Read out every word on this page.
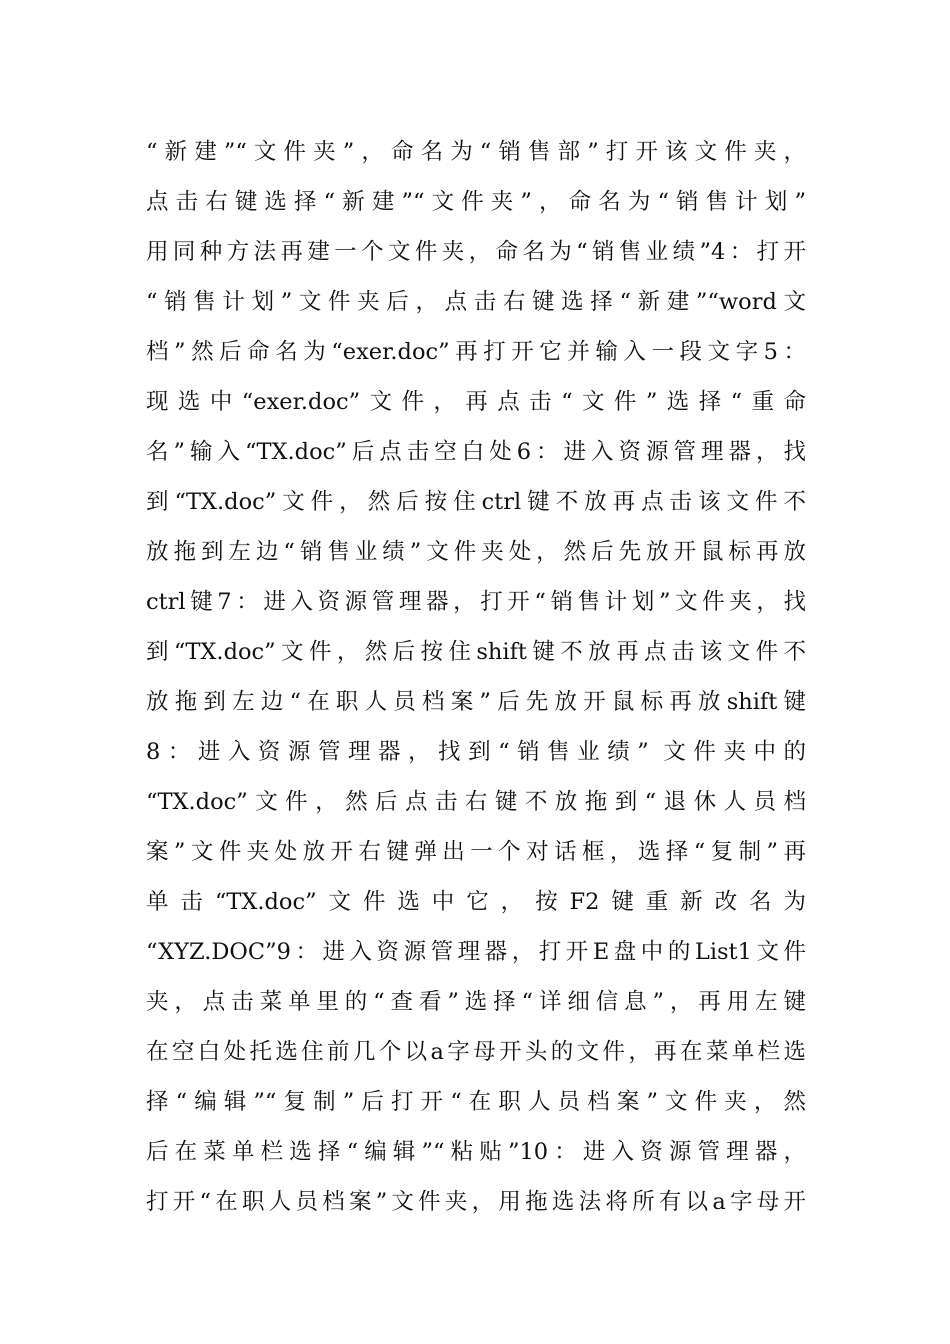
“新建”“文件夹”，命名为“销售部”打开该文件夹，
点击右键选择“新建”“文件夹”，命名为“销售计划”
用同种方法再建一个文件夹，命名为“销售业绩”4：打开
“销售计划”文件夹后，点击右键选择“新建”“word文
档”然后命名为“exer.doc”再打开它并输入一段文字5：
现选中“exer.doc”文件，再点击“文件”选择“重命
名”输入“TX.doc”后点击空白处6：进入资源管理器，找
到“TX.doc”文件，然后按住ctrl键不放再点击该文件不
放拖到左边“销售业绩”文件夹处，然后先放开鼠标再放
ctrl键7：进入资源管理器，打开“销售计划”文件夹，找
到“TX.doc”文件，然后按住shift键不放再点击该文件不
放拖到左边“在职人员档案”后先放开鼠标再放shift键
8：进入资源管理器，找到“销售业绩” 文件夹中的
“TX.doc”文件，然后点击右键不放拖到“退休人员档
案”文件夹处放开右键弹出一个对话框，选择“复制”再
单击“TX.doc”文件选中它，按F2键重新改名为
“XYZ.DOC”9：进入资源管理器，打开E盘中的List1文件
夹，点击菜单里的“查看”选择“详细信息”，再用左键
在空白处托选住前几个以a字母开头的文件，再在菜单栏选
择“编辑”“复制”后打开“在职人员档案”文件夹，然
后在菜单栏选择“编辑”“粘贴”10：进入资源管理器，
打开“在职人员档案”文件夹，用拖选法将所有以a字母开
